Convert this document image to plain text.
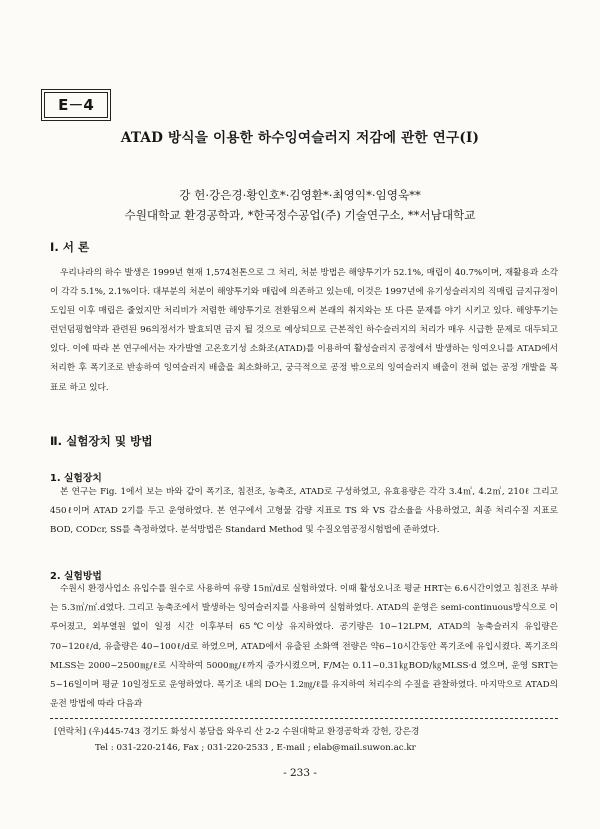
E－4
ATAD 방식을 이용한 하수잉여슬러지 저감에 관한 연구(Ⅰ)
강 헌·강은경·황인호*·김영환*·최영익*·임영욱**
수원대학교 환경공학과, *한국정수공업(주) 기술연구소, **서남대학교
Ⅰ. 서 론

우리나라의 하수 발생은 1999년 현재 1,574천톤으로 그 처리, 처분 방법은 해양투기가 52.1%, 매립이 40.7%이며, 재활용과 소각이 각각 5.1%, 2.1%이다. 대부분의 처분이 해양투기와 매립에 의존하고 있는데, 이것은 1997년에 유기성슬러지의 직매립 금지규정이 도입된 이후 매립은 줄었지만 처리비가 저렴한 해양투기로 전환됨으써 본래의 취지와는 또 다른 문제를 야기 시키고 있다. 해양투기는 런던덤핑협약과 관련된 96의정서가 발효되면 금지 될 것으로 예상되므로 근본적인 하수슬러지의 처리가 매우 시급한 문제로 대두되고 있다. 이에 따라 본 연구에서는 자가발열 고온호기성 소화조(ATAD)를 이용하여 활성슬러지 공정에서 발생하는 잉여오니를 ATAD에서 처리한 후 폭기조로 반송하여 잉여슬러지 배출을 최소화하고, 궁극적으로 공정 밖으로의 잉여슬러지 배출이 전혀 없는 공정 개발을 목표로 하고 있다.

Ⅱ. 실험장치 및 방법
1. 실험장치

본 연구는 Fig. 1에서 보는 바와 같이 폭기조, 침전조, 농축조, ATAD로 구성하였고, 유효용량은 각각 3.4㎥, 4.2㎥, 210ℓ 그리고 450ℓ이며 ATAD 2기를 두고 운영하였다. 본 연구에서 고형물 감량 지표로 TS 와 VS 감소율을 사용하였고, 최종 처리수질 지표로BOD, CODcr, SS를 측정하였다. 분석방법은 Standard Method 및 수질오염공정시험법에 준하였다.

2. 실험방법

수원시 환경사업소 유입수를 원수로 사용하여 유량 15㎥/d로 실험하였다. 이때 활성오니조 평균 HRT는 6.6시간이였고 침전조 부하는 5.3㎥/㎡.d였다. 그리고 농축조에서 발생하는 잉여슬러지를 사용하여 실험하였다. ATAD의 운영은 semi-continuous방식으로 이루어졌고, 외부열원 없이 일정 시간 이후부터 65℃이상 유지하였다. 공기량은 10~12LPM, ATAD의 농축슬러지 유입량은 70~120ℓ/d, 유출량은 40~100ℓ/d로 하였으며, ATAD에서 유출된 소화액 전량은 약6~10시간동안 폭기조에 유입시켰다. 폭기조의 MLSS는 2000~2500㎎/ℓ로 시작하여 5000㎎/ℓ까지 증가시켰으며, F/M는 0.11~0.31㎏BOD/㎏MLSS·d 였으며, 운영 SRT는 5~16일이며 평균 10일정도로 운영하였다. 폭기조 내의 DO는 1.2㎎/ℓ를 유지하여 처리수의 수질을 관찰하였다. 마지막으로 ATAD의 운전 방법에 따라 다음과

[연락처] (우)445-743 경기도 화성시 봉담읍 와우리 산 2-2 수원대학교 환경공학과 강헌, 강은경
Tel : 031-220-2146, Fax ; 031-220-2533 , E-mail ; elab@mail.suwon.ac.kr
- 233 -
